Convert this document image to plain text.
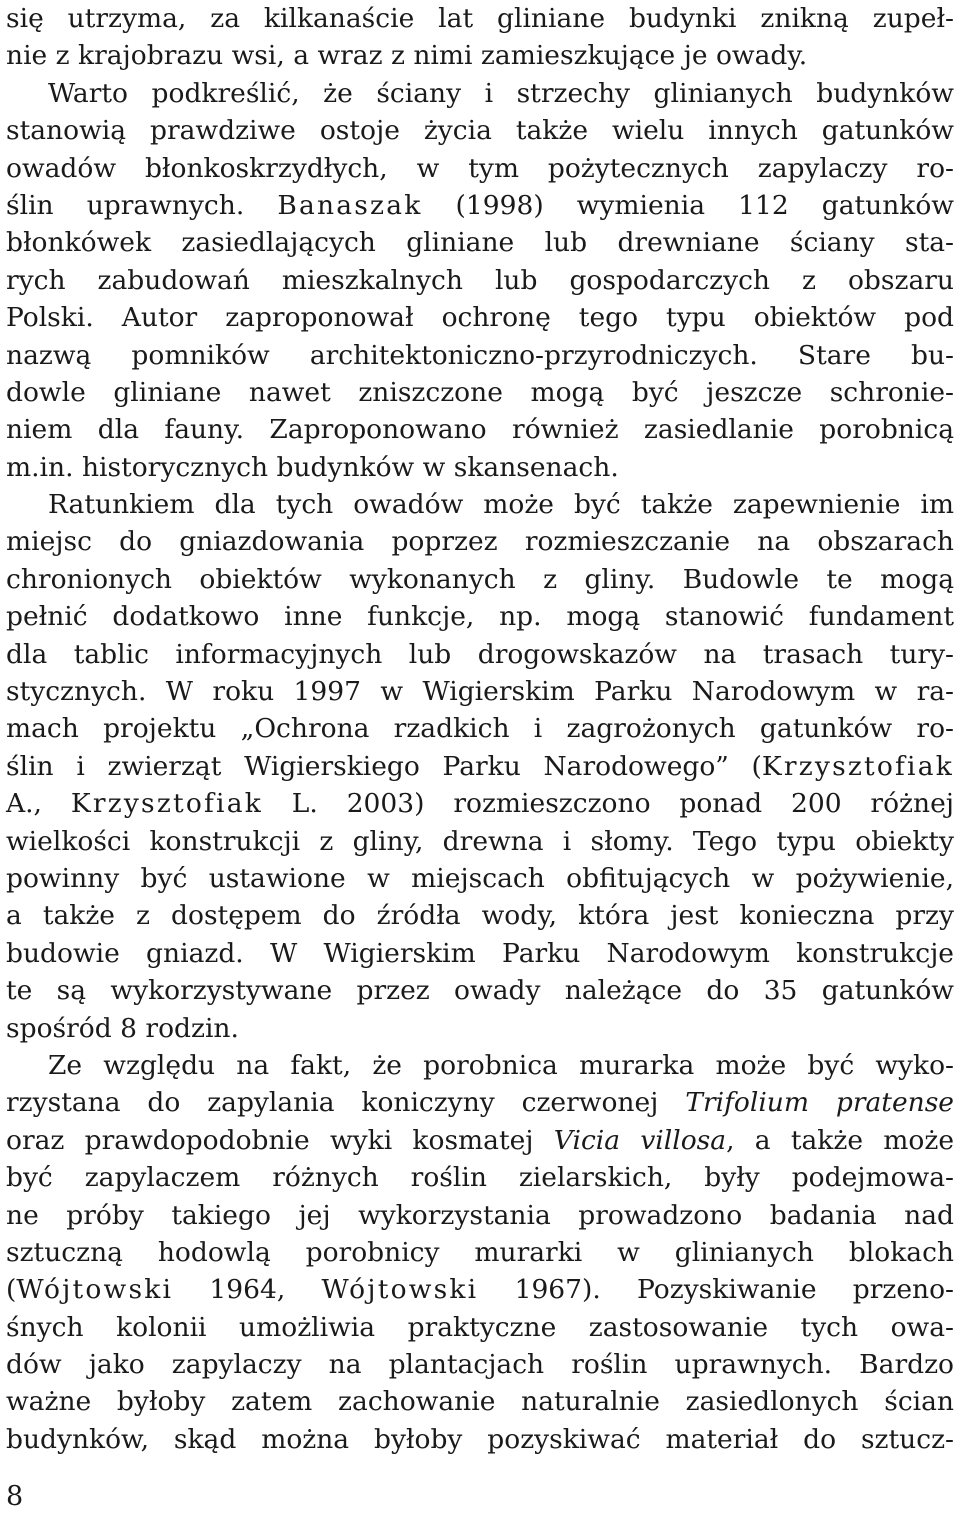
się utrzyma, za kilkanaście lat gliniane budynki znikną zupeł-
nie z krajobrazu wsi, a wraz z nimi zamieszkujące je owady.
Warto podkreślić, że ściany i strzechy glinianych budynków
stanowią prawdziwe ostoje życia także wielu innych gatunków
owadów błonkoskrzydłych, w tym pożytecznych zapylaczy ro-
ślin uprawnych. Banaszak (1998) wymienia 112 gatunków
błonkówek zasiedlających gliniane lub drewniane ściany sta-
rych zabudowań mieszkalnych lub gospodarczych z obszaru
Polski. Autor zaproponował ochronę tego typu obiektów pod
nazwą pomników architektoniczno-przyrodniczych. Stare bu-
dowle gliniane nawet zniszczone mogą być jeszcze schronie-
niem dla fauny. Zaproponowano również zasiedlanie porobnicą
m.in. historycznych budynków w skansenach.
Ratunkiem dla tych owadów może być także zapewnienie im
miejsc do gniazdowania poprzez rozmieszczanie na obszarach
chronionych obiektów wykonanych z gliny. Budowle te mogą
pełnić dodatkowo inne funkcje, np. mogą stanowić fundament
dla tablic informacyjnych lub drogowskazów na trasach tury-
stycznych. W roku 1997 w Wigierskim Parku Narodowym w ra-
mach projektu „Ochrona rzadkich i zagrożonych gatunków ro-
ślin i zwierząt Wigierskiego Parku Narodowego” (Krzysztofiak
A., Krzysztofiak L. 2003) rozmieszczono ponad 200 różnej
wielkości konstrukcji z gliny, drewna i słomy. Tego typu obiekty
powinny być ustawione w miejscach obfitujących w pożywienie,
a także z dostępem do źródła wody, która jest konieczna przy
budowie gniazd. W Wigierskim Parku Narodowym konstrukcje
te są wykorzystywane przez owady należące do 35 gatunków
spośród 8 rodzin.
Ze względu na fakt, że porobnica murarka może być wyko-
rzystana do zapylania koniczyny czerwonej Trifolium pratense
oraz prawdopodobnie wyki kosmatej Vicia villosa, a także może
być zapylaczem różnych roślin zielarskich, były podejmowa-
ne próby takiego jej wykorzystania prowadzono badania nad
sztuczną hodowlą porobnicy murarki w glinianych blokach
(Wójtowski 1964, Wójtowski 1967). Pozyskiwanie przeno-
śnych kolonii umożliwia praktyczne zastosowanie tych owa-
dów jako zapylaczy na plantacjach roślin uprawnych. Bardzo
ważne byłoby zatem zachowanie naturalnie zasiedlonych ścian
budynków, skąd można byłoby pozyskiwać materiał do sztucz-
8
